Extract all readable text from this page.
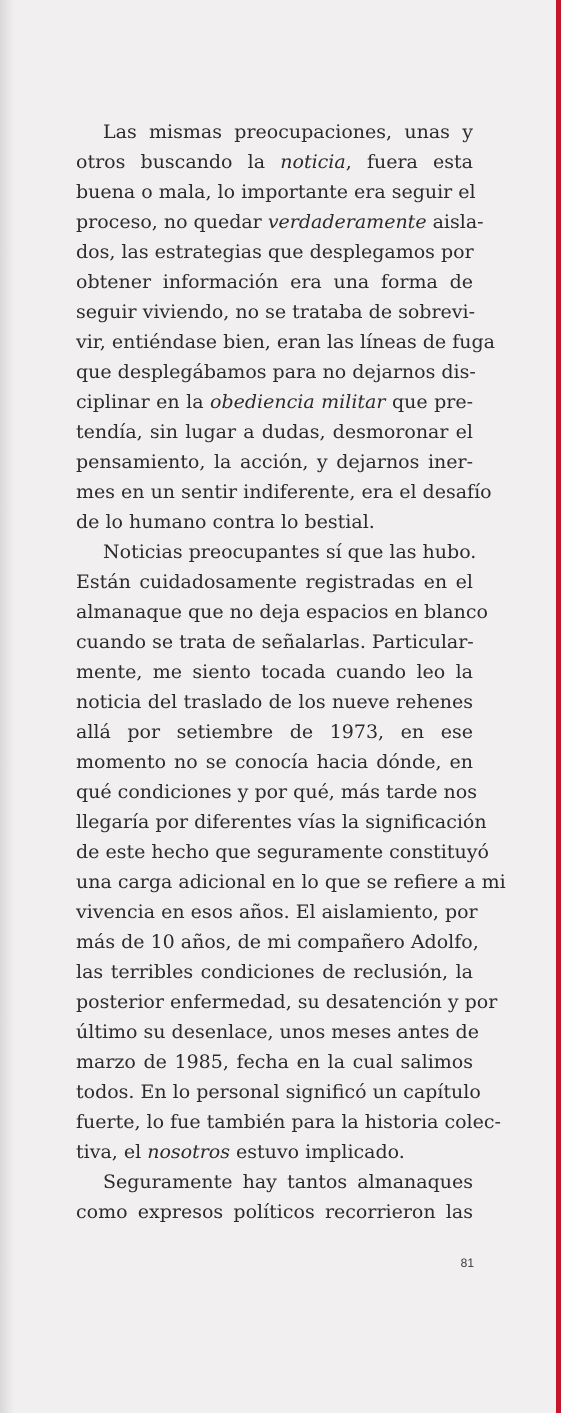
Las mismas preocupaciones, unas y
otros buscando la noticia, fuera esta
buena o mala, lo importante era seguir el
proceso, no quedar verdaderamente aisla-
dos, las estrategias que desplegamos por
obtener información era una forma de
seguir viviendo, no se trataba de sobrevi-
vir, entiéndase bien, eran las líneas de fuga
que desplegábamos para no dejarnos dis-
ciplinar en la obediencia militar que pre-
tendía, sin lugar a dudas, desmoronar el
pensamiento, la acción, y dejarnos iner-
mes en un sentir indiferente, era el desafío
de lo humano contra lo bestial.
Noticias preocupantes sí que las hubo.
Están cuidadosamente registradas en el
almanaque que no deja espacios en blanco
cuando se trata de señalarlas. Particular-
mente, me siento tocada cuando leo la
noticia del traslado de los nueve rehenes
allá por setiembre de 1973, en ese
momento no se conocía hacia dónde, en
qué condiciones y por qué, más tarde nos
llegaría por diferentes vías la significación
de este hecho que seguramente constituyó
una carga adicional en lo que se refiere a mi
vivencia en esos años. El aislamiento, por
más de 10 años, de mi compañero Adolfo,
las terribles condiciones de reclusión, la
posterior enfermedad, su desatención y por
último su desenlace, unos meses antes de
marzo de 1985, fecha en la cual salimos
todos. En lo personal significó un capítulo
fuerte, lo fue también para la historia colec-
tiva, el nosotros estuvo implicado.
Seguramente hay tantos almanaques
como expresos políticos recorrieron las
81
